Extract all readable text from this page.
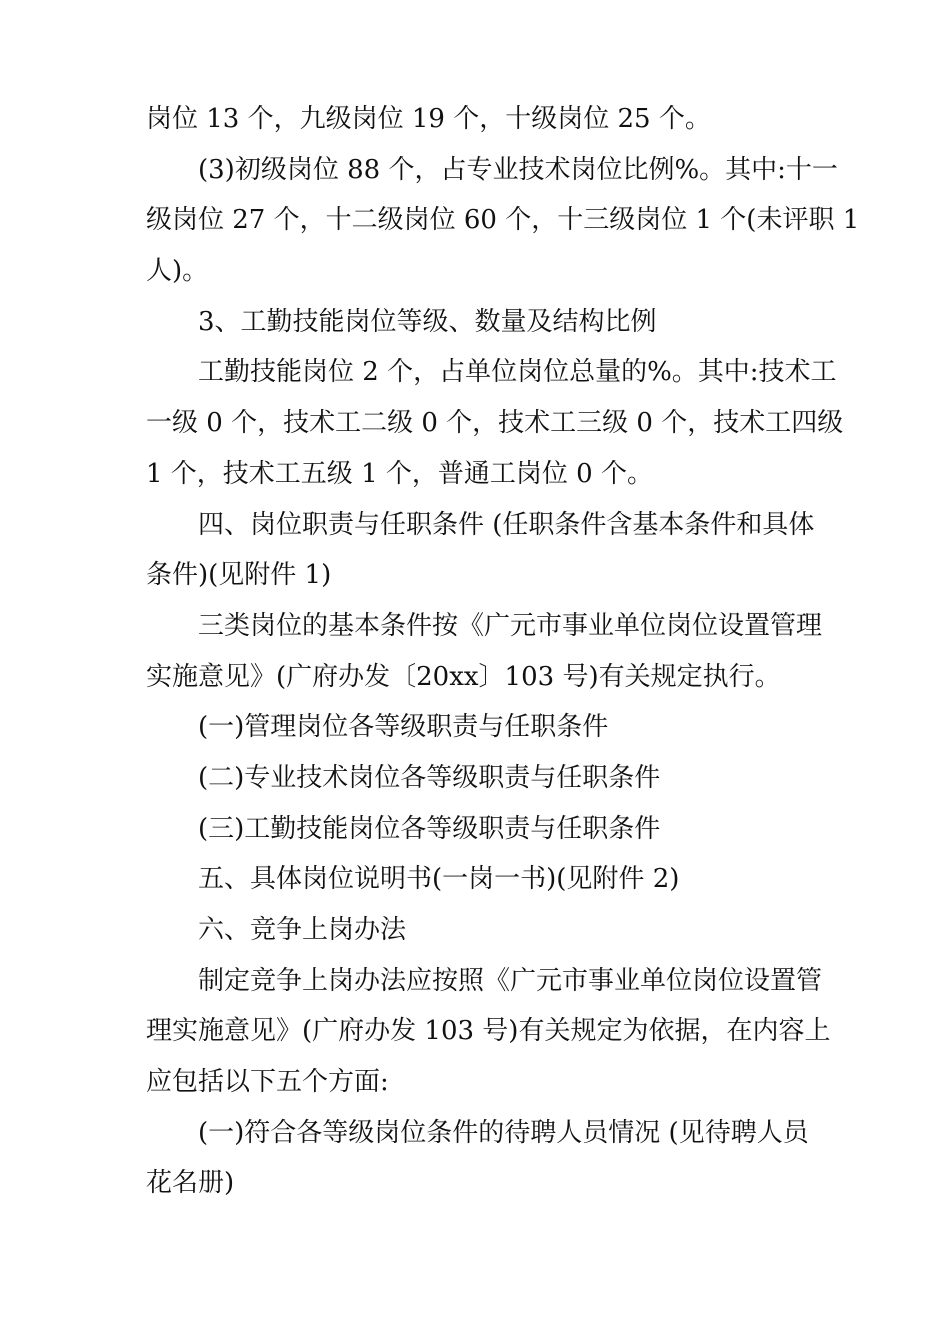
岗位 13 个，九级岗位 19 个，十级岗位 25 个。
(3)初级岗位 88 个，占专业技术岗位比例%。其中:十一
级岗位 27 个，十二级岗位 60 个，十三级岗位 1 个(未评职 1
人)。
3、工勤技能岗位等级、数量及结构比例
工勤技能岗位 2 个，占单位岗位总量的%。其中:技术工
一级 0 个，技术工二级 0 个，技术工三级 0 个，技术工四级
1 个，技术工五级 1 个，普通工岗位 0 个。
四、岗位职责与任职条件 (任职条件含基本条件和具体
条件)(见附件 1)
三类岗位的基本条件按《广元市事业单位岗位设置管理
实施意见》(广府办发〔20xx〕103 号)有关规定执行。
(一)管理岗位各等级职责与任职条件
(二)专业技术岗位各等级职责与任职条件
(三)工勤技能岗位各等级职责与任职条件
五、具体岗位说明书(一岗一书)(见附件 2)
六、竞争上岗办法
制定竞争上岗办法应按照《广元市事业单位岗位设置管
理实施意见》(广府办发 103 号)有关规定为依据，在内容上
应包括以下五个方面:
(一)符合各等级岗位条件的待聘人员情况 (见待聘人员
花名册)
